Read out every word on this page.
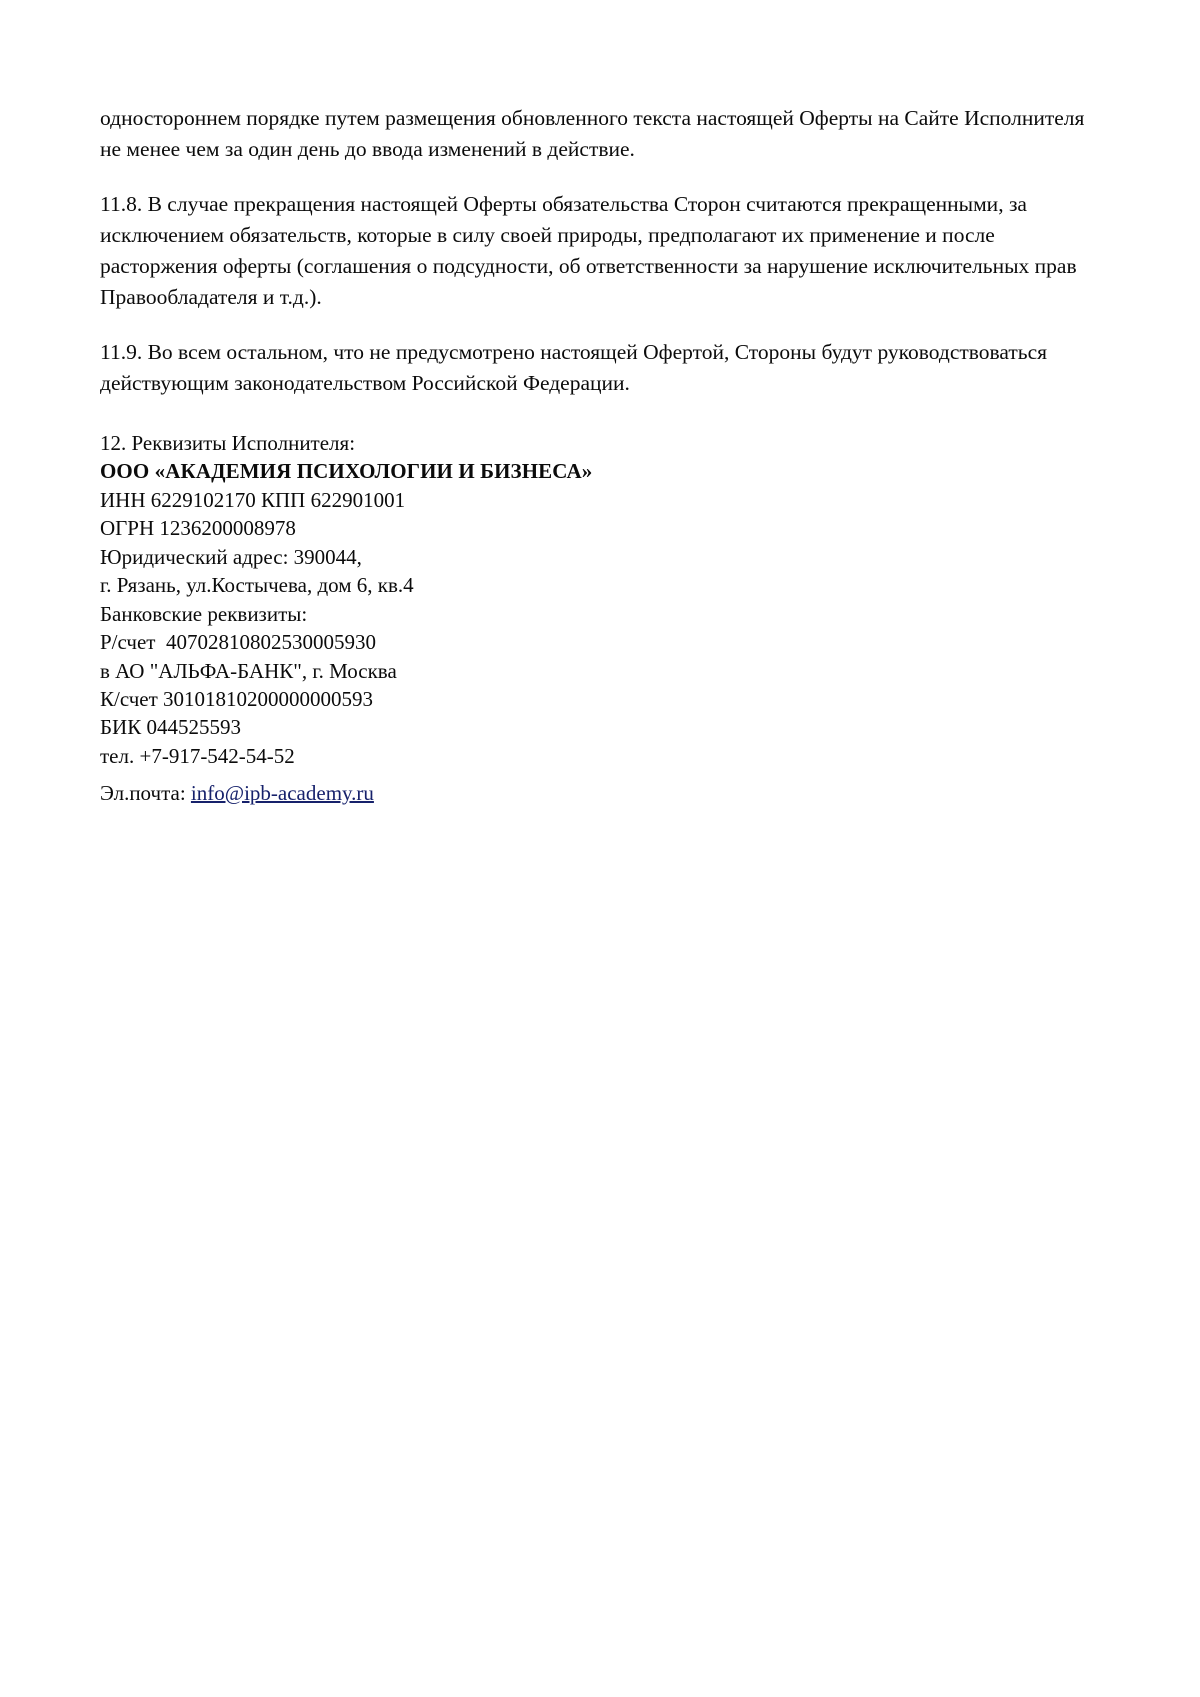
одностороннем порядке путем размещения обновленного текста настоящей Оферты на Сайте Исполнителя не менее чем за один день до ввода изменений в действие.

11.8. В случае прекращения настоящей Оферты обязательства Сторон считаются прекращенными, за исключением обязательств, которые в силу своей природы, предполагают их применение и после расторжения оферты (соглашения о подсудности, об ответственности за нарушение исключительных прав Правообладателя и т.д.).

11.9. Во всем остальном, что не предусмотрено настоящей Офертой, Стороны будут руководствоваться действующим законодательством Российской Федерации.

12. Реквизиты Исполнителя:
ООО «АКАДЕМИЯ ПСИХОЛОГИИ И БИЗНЕСА»
ИНН 6229102170 КПП 622901001
ОГРН 1236200008978
Юридический адрес: 390044,
г. Рязань, ул.Костычева, дом 6, кв.4
Банковские реквизиты:
Р/счет  40702810802530005930
в АО "АЛЬФА-БАНК", г. Москва
К/счет 30101810200000000593
БИК 044525593
тел. +7-917-542-54-52
Эл.почта: info@ipb-academy.ru
